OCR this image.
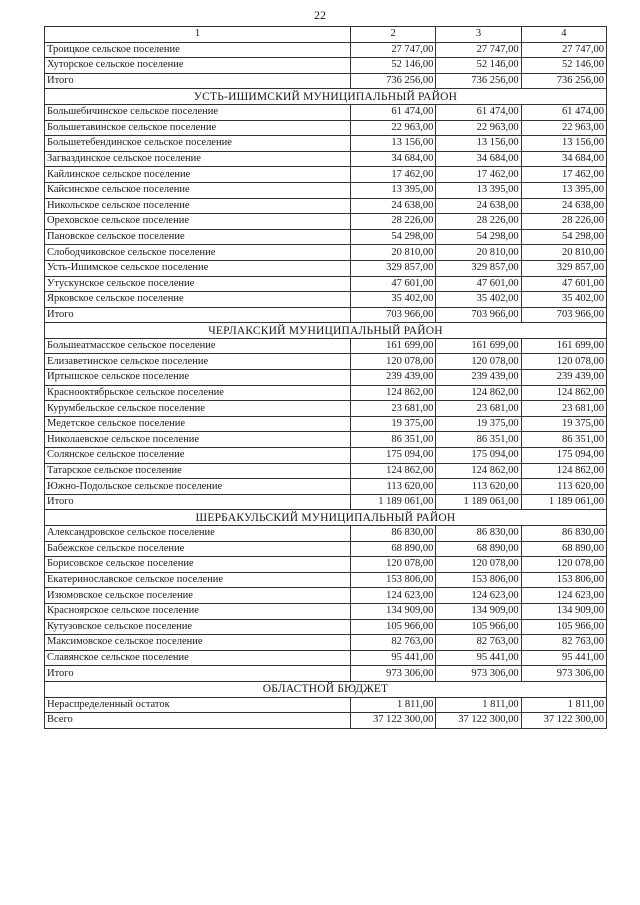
22
1	2	3	4
Троицкое сельское поселение	27 747,00	27 747,00	27 747,00
Хуторское сельское поселение	52 146,00	52 146,00	52 146,00
Итого	736 256,00	736 256,00	736 256,00
УСТЬ-ИШИМСКИЙ МУНИЦИПАЛЬНЫЙ РАЙОН			
Большебичинское сельское поселение	61 474,00	61 474,00	61 474,00
Большетавинское сельское поселение	22 963,00	22 963,00	22 963,00
Большетебендинское сельское поселение	13 156,00	13 156,00	13 156,00
Загваздинское сельское поселение	34 684,00	34 684,00	34 684,00
Кайлинское сельское поселение	17 462,00	17 462,00	17 462,00
Кайсинское сельское поселение	13 395,00	13 395,00	13 395,00
Никольское сельское поселение	24 638,00	24 638,00	24 638,00
Ореховское сельское поселение	28 226,00	28 226,00	28 226,00
Пановское сельское поселение	54 298,00	54 298,00	54 298,00
Слободчиковское сельское поселение	20 810,00	20 810,00	20 810,00
Усть-Ишимское сельское поселение	329 857,00	329 857,00	329 857,00
Утускунское сельское поселение	47 601,00	47 601,00	47 601,00
Ярковское сельское поселение	35 402,00	35 402,00	35 402,00
Итого	703 966,00	703 966,00	703 966,00
ЧЕРЛАКСКИЙ МУНИЦИПАЛЬНЫЙ РАЙОН			
Большеатмасское сельское поселение	161 699,00	161 699,00	161 699,00
Елизаветинское сельское поселение	120 078,00	120 078,00	120 078,00
Иртышское сельское поселение	239 439,00	239 439,00	239 439,00
Краснооктябрьское сельское поселение	124 862,00	124 862,00	124 862,00
Курумбельское сельское поселение	23 681,00	23 681,00	23 681,00
Медетское сельское поселение	19 375,00	19 375,00	19 375,00
Николаевское сельское поселение	86 351,00	86 351,00	86 351,00
Солянское сельское поселение	175 094,00	175 094,00	175 094,00
Татарское сельское поселение	124 862,00	124 862,00	124 862,00
Южно-Подольское сельское поселение	113 620,00	113 620,00	113 620,00
Итого	1 189 061,00	1 189 061,00	1 189 061,00
ШЕРБАКУЛЬСКИЙ МУНИЦИПАЛЬНЫЙ РАЙОН			
Александровское сельское поселение	86 830,00	86 830,00	86 830,00
Бабежское сельское поселение	68 890,00	68 890,00	68 890,00
Борисовское сельское поселение	120 078,00	120 078,00	120 078,00
Екатеринославское сельское поселение	153 806,00	153 806,00	153 806,00
Изюмовское сельское поселение	124 623,00	124 623,00	124 623,00
Красноярское сельское поселение	134 909,00	134 909,00	134 909,00
Кутузовское сельское поселение	105 966,00	105 966,00	105 966,00
Максимовское сельское поселение	82 763,00	82 763,00	82 763,00
Славянское сельское поселение	95 441,00	95 441,00	95 441,00
Итого	973 306,00	973 306,00	973 306,00
ОБЛАСТНОЙ БЮДЖЕТ			
Нераспределенный остаток	1 811,00	1 811,00	1 811,00
Всего	37 122 300,00	37 122 300,00	37 122 300,00
